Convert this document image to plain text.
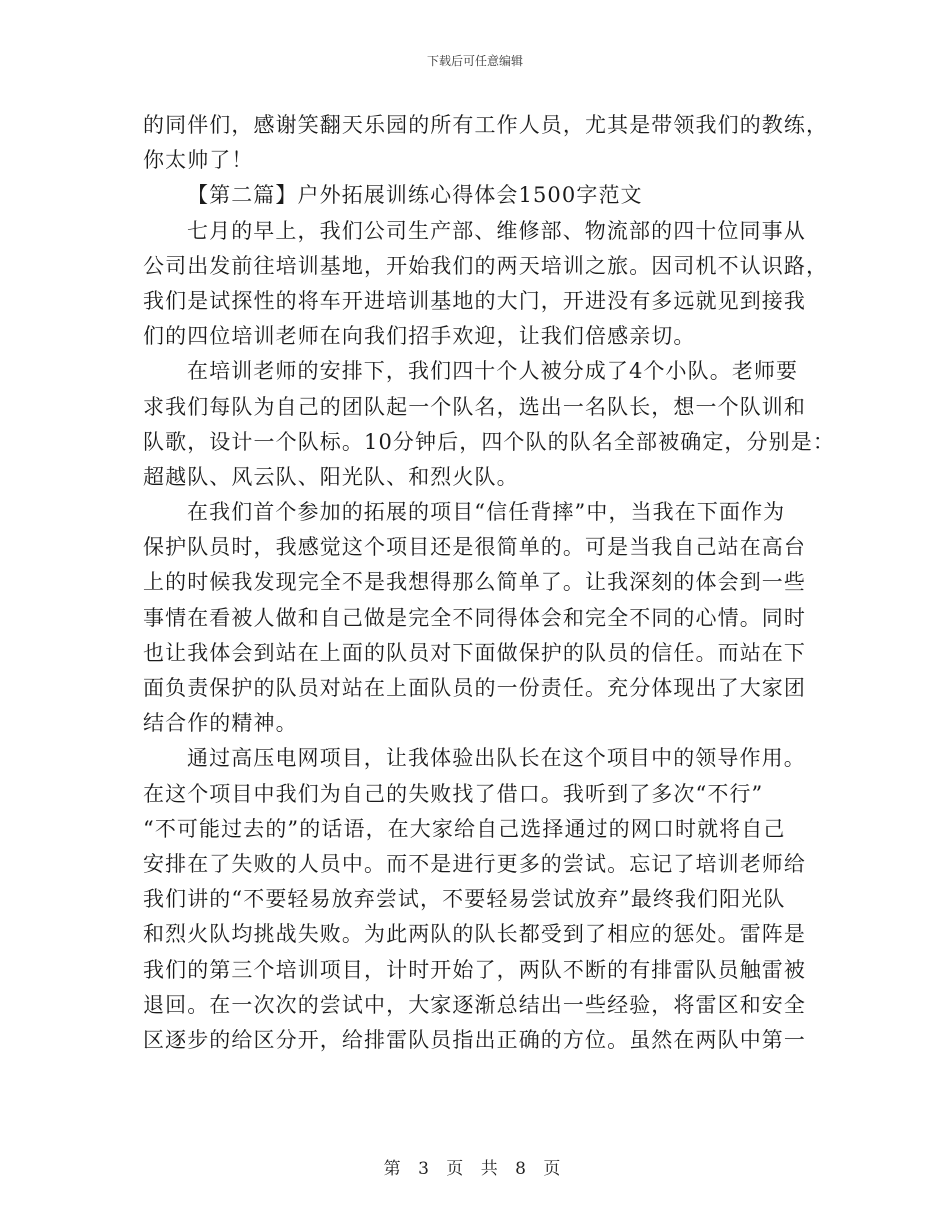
下载后可任意编辑
的同伴们，感谢笑翻天乐园的所有工作人员，尤其是带领我们的教练，
你太帅了！
【第二篇】户外拓展训练心得体会1500字范文
七月的早上，我们公司生产部、维修部、物流部的四十位同事从
公司出发前往培训基地，开始我们的两天培训之旅。因司机不认识路，
我们是试探性的将车开进培训基地的大门，开进没有多远就见到接我
们的四位培训老师在向我们招手欢迎，让我们倍感亲切。
在培训老师的安排下，我们四十个人被分成了4个小队。老师要
求我们每队为自己的团队起一个队名，选出一名队长，想一个队训和
队歌，设计一个队标。10分钟后，四个队的队名全部被确定，分别是：
超越队、风云队、阳光队、和烈火队。
在我们首个参加的拓展的项目“信任背摔”中，当我在下面作为
保护队员时，我感觉这个项目还是很简单的。可是当我自己站在高台
上的时候我发现完全不是我想得那么简单了。让我深刻的体会到一些
事情在看被人做和自己做是完全不同得体会和完全不同的心情。同时
也让我体会到站在上面的队员对下面做保护的队员的信任。而站在下
面负责保护的队员对站在上面队员的一份责任。充分体现出了大家团
结合作的精神。
通过高压电网项目，让我体验出队长在这个项目中的领导作用。
在这个项目中我们为自己的失败找了借口。我听到了多次“不行”
“不可能过去的”的话语，在大家给自己选择通过的网口时就将自己
安排在了失败的人员中。而不是进行更多的尝试。忘记了培训老师给
我们讲的“不要轻易放弃尝试，不要轻易尝试放弃”最终我们阳光队
和烈火队均挑战失败。为此两队的队长都受到了相应的惩处。雷阵是
我们的第三个培训项目，计时开始了，两队不断的有排雷队员触雷被
退回。在一次次的尝试中，大家逐渐总结出一些经验，将雷区和安全
区逐步的给区分开，给排雷队员指出正确的方位。虽然在两队中第一
第 3 页 共 8 页
